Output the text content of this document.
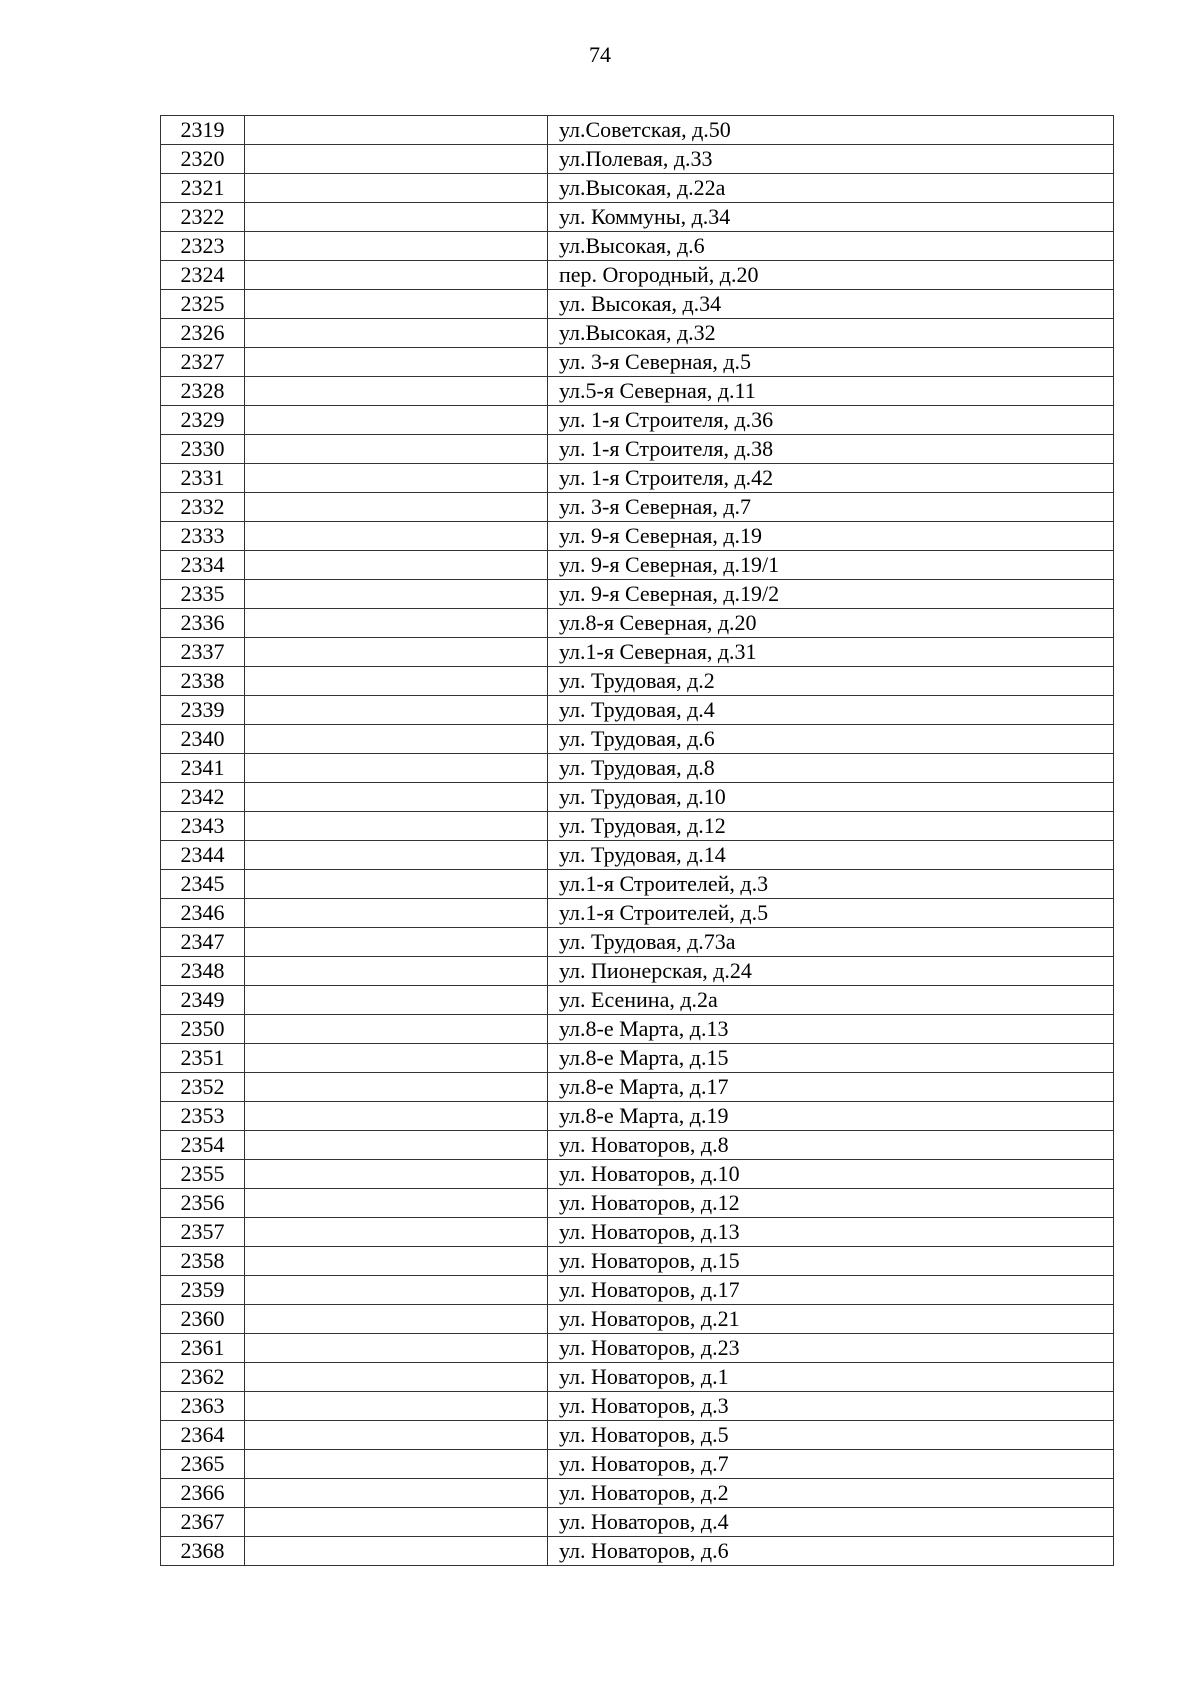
74
2319		ул.Советская, д.50
2320		ул.Полевая, д.33
2321		ул.Высокая, д.22а
2322		ул. Коммуны, д.34
2323		ул.Высокая, д.6
2324		пер. Огородный, д.20
2325		ул. Высокая, д.34
2326		ул.Высокая, д.32
2327		ул. 3-я Северная, д.5
2328		ул.5-я Северная, д.11
2329		ул. 1-я Строителя, д.36
2330		ул. 1-я Строителя, д.38
2331		ул. 1-я Строителя, д.42
2332		ул. 3-я Северная, д.7
2333		ул. 9-я Северная, д.19
2334		ул. 9-я Северная, д.19/1
2335		ул. 9-я Северная, д.19/2
2336		ул.8-я Северная, д.20
2337		ул.1-я Северная, д.31
2338		ул. Трудовая, д.2
2339		ул. Трудовая, д.4
2340		ул. Трудовая, д.6
2341		ул. Трудовая, д.8
2342		ул. Трудовая, д.10
2343		ул. Трудовая, д.12
2344		ул. Трудовая, д.14
2345		ул.1-я Строителей, д.3
2346		ул.1-я Строителей, д.5
2347		ул. Трудовая, д.73а
2348		ул. Пионерская, д.24
2349		ул. Есенина, д.2а
2350		ул.8-е Марта, д.13
2351		ул.8-е Марта, д.15
2352		ул.8-е Марта, д.17
2353		ул.8-е Марта, д.19
2354		ул. Новаторов, д.8
2355		ул. Новаторов, д.10
2356		ул. Новаторов, д.12
2357		ул. Новаторов, д.13
2358		ул. Новаторов, д.15
2359		ул. Новаторов, д.17
2360		ул. Новаторов, д.21
2361		ул. Новаторов, д.23
2362		ул. Новаторов, д.1
2363		ул. Новаторов, д.3
2364		ул. Новаторов, д.5
2365		ул. Новаторов, д.7
2366		ул. Новаторов, д.2
2367		ул. Новаторов, д.4
2368		ул. Новаторов, д.6
